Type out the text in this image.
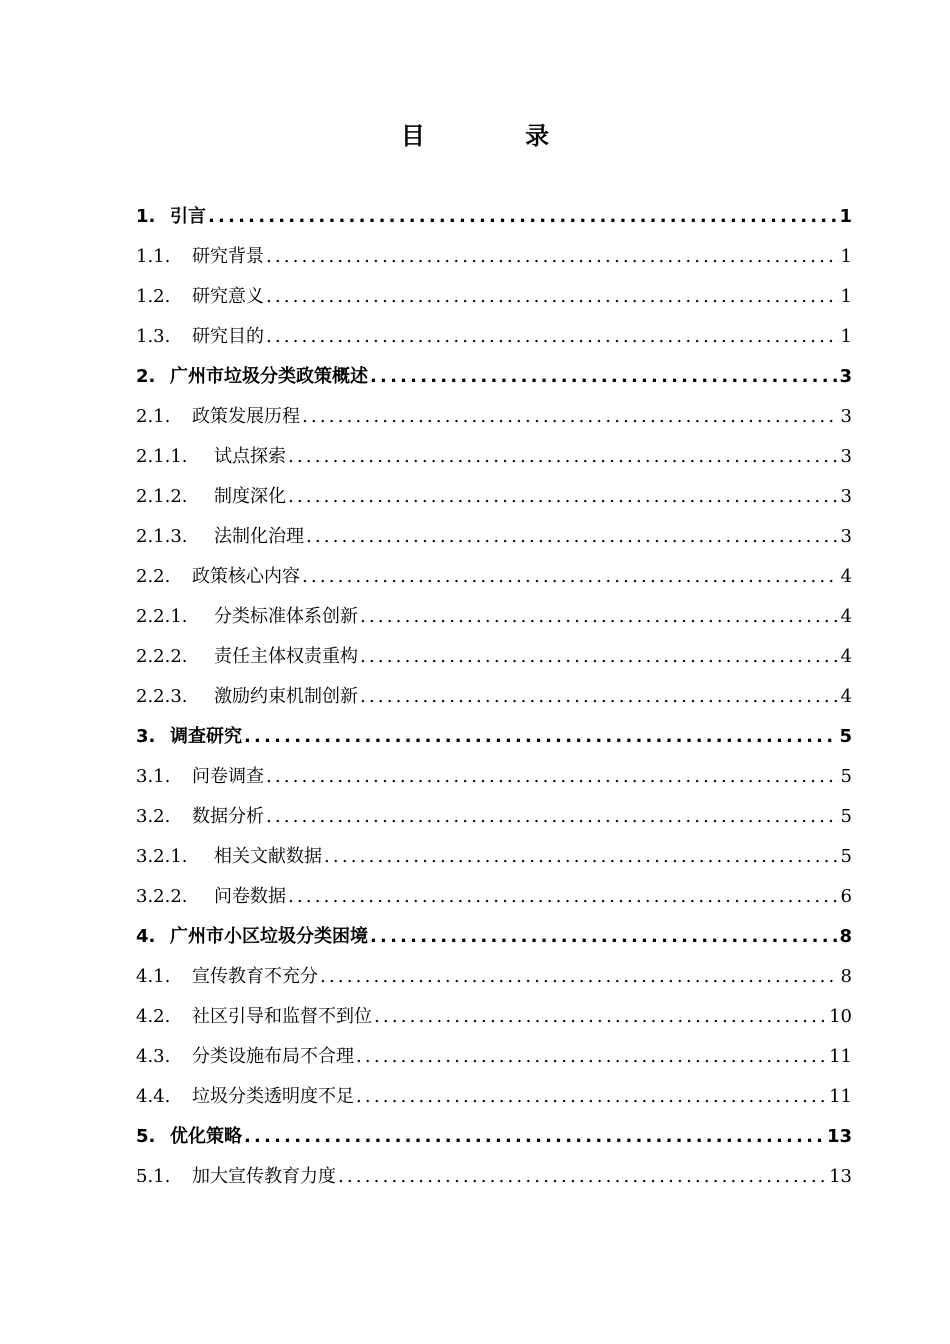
目 录
1. 引言 .....	1
1.1.	研究背景 .....	1
1.2.	研究意义 .....	1
1.3.	研究目的 .....	1
2. 广州市垃圾分类政策概述 .....	3
2.1.	政策发展历程 .....	3
2.1.1.	试点探索 .....	3
2.1.2.	制度深化 .....	3
2.1.3.	法制化治理 .....	3
2.2.	政策核心内容 .....	4
2.2.1.	分类标准体系创新 .....	4
2.2.2.	责任主体权责重构 .....	4
2.2.3.	激励约束机制创新 .....	4
3. 调查研究 .....	5
3.1.	问卷调查 .....	5
3.2.	数据分析 .....	5
3.2.1.	相关文献数据 .....	5
3.2.2.	问卷数据 .....	6
4. 广州市小区垃圾分类困境 .....	8
4.1.	宣传教育不充分 .....	8
4.2.	社区引导和监督不到位 .....	10
4.3.	分类设施布局不合理 .....	11
4.4.	垃圾分类透明度不足 .....	11
5. 优化策略 .....	13
5.1.	加大宣传教育力度 .....	13
